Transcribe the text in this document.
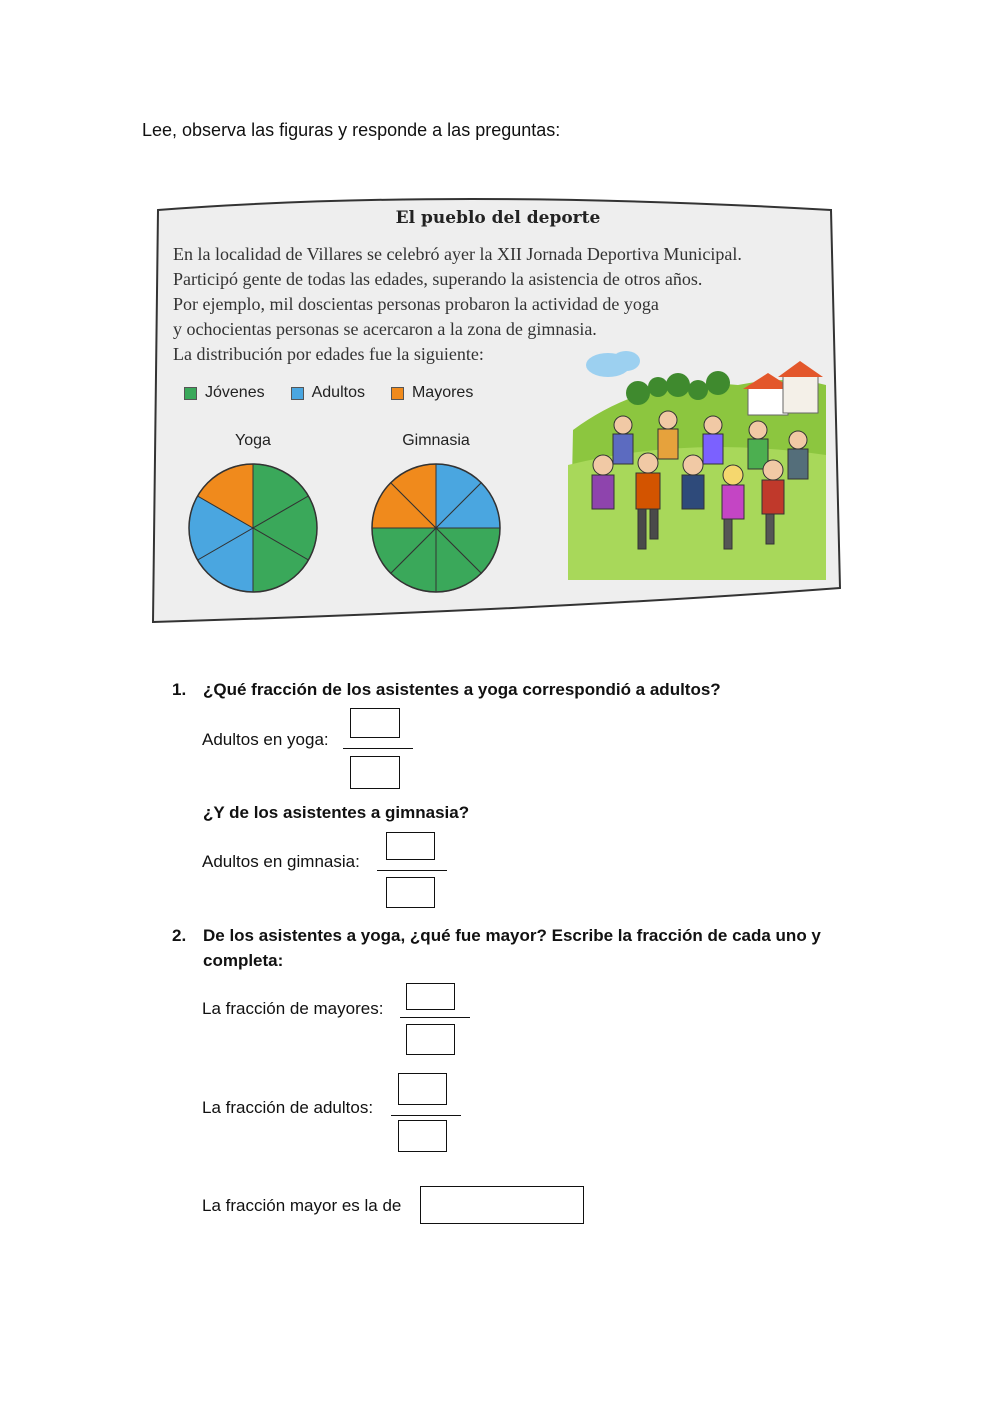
Lee, observa las figuras y responde a las preguntas:
El pueblo del deporte
En la localidad de Villares se celebró ayer la XII Jornada Deportiva Municipal.
Participó gente de todas las edades, superando la asistencia de otros años.
Por ejemplo, mil doscientas personas probaron la actividad de yoga
y ochocientas personas se acercaron a la zona de gimnasia.
La distribución por edades fue la siguiente:
Jóvenes	Adultos	Mayores
Yoga	Gimnasia
1. ¿Qué fracción de los asistentes a yoga correspondió a adultos?
Adultos en yoga:
¿Y de los asistentes a gimnasia?
Adultos en gimnasia:
2. De los asistentes a yoga, ¿qué fue mayor? Escribe la fracción de cada uno y
completa:
La fracción de mayores:
La fracción de adultos:
La fracción mayor es la de
